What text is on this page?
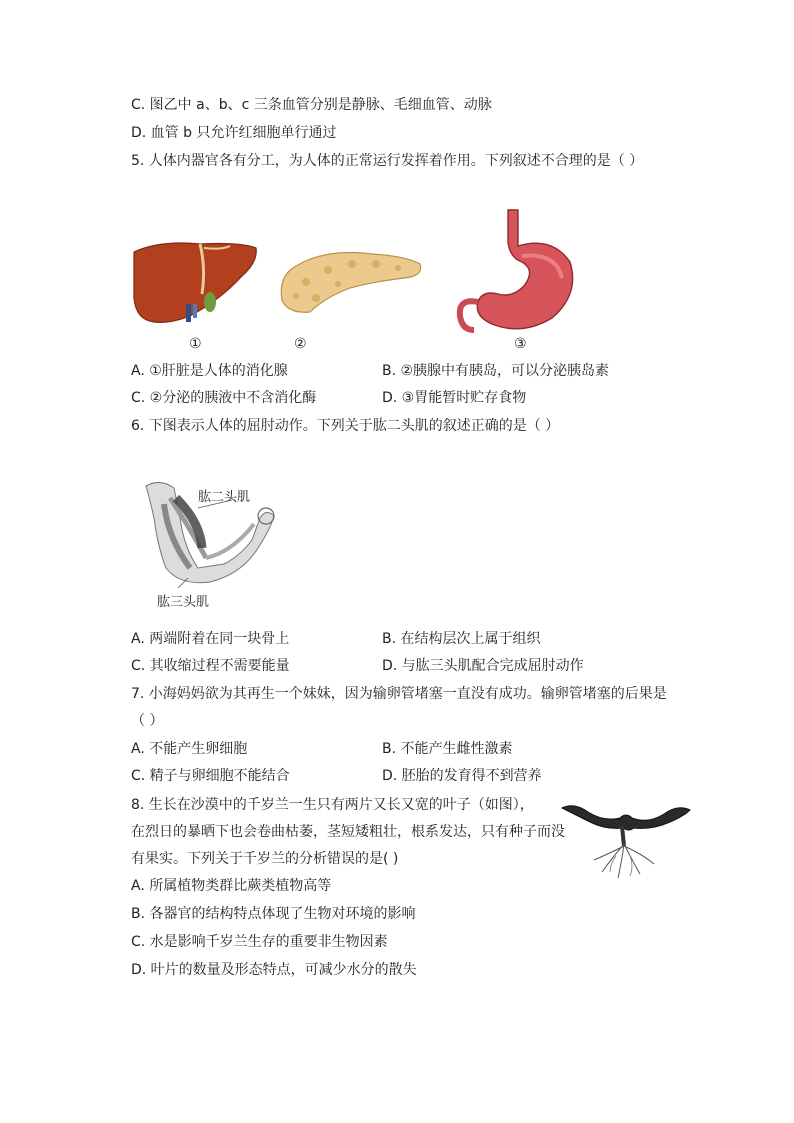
C. 图乙中 a、b、c 三条血管分别是静脉、毛细血管、动脉
D. 血管 b 只允许红细胞单行通过
5. 人体内器官各有分工，为人体的正常运行发挥着作用。下列叙述不合理的是（ ）
①	②	③
A. ①肝脏是人体的消化腺	B. ②胰腺中有胰岛，可以分泌胰岛素
C. ②分泌的胰液中不含消化酶	D. ③胃能暂时贮存食物
6. 下图表示人体的屈肘动作。下列关于肱二头肌的叙述正确的是（ ）
肱二头肌
肱三头肌
A. 两端附着在同一块骨上	B. 在结构层次上属于组织
C. 其收缩过程不需要能量	D. 与肱三头肌配合完成屈肘动作
7. 小海妈妈欲为其再生一个妹妹，因为输卵管堵塞一直没有成功。输卵管堵塞的后果是
（ ）
A. 不能产生卵细胞	B. 不能产生雌性激素
C. 精子与卵细胞不能结合	D. 胚胎的发育得不到营养
8. 生长在沙漠中的千岁兰一生只有两片又长又宽的叶子（如图），
在烈日的暴晒下也会卷曲枯萎，茎短矮粗壮，根系发达，只有种子而没
有果实。下列关于千岁兰的分析错误的是( )
A. 所属植物类群比蕨类植物高等
B. 各器官的结构特点体现了生物对环境的影响
C. 水是影响千岁兰生存的重要非生物因素
D. 叶片的数量及形态特点，可减少水分的散失
